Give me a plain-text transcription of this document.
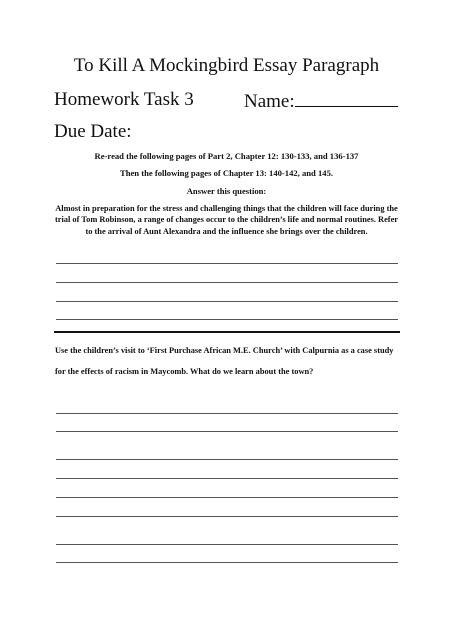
To Kill A Mockingbird Essay Paragraph
Homework Task 3	Name:
Due Date:
Re-read the following pages of Part 2, Chapter 12: 130-133, and 136-137
Then the following pages of Chapter 13: 140-142, and 145.
Answer this question:
Almost in preparation for the stress and challenging things that the children will face during the trial of Tom Robinson, a range of changes occur to the children’s life and normal routines. Refer to the arrival of Aunt Alexandra and the influence she brings over the children.
Use the children’s visit to ‘First Purchase African M.E. Church’ with Calpurnia as a case study for the effects of racism in Maycomb. What do we learn about the town?
